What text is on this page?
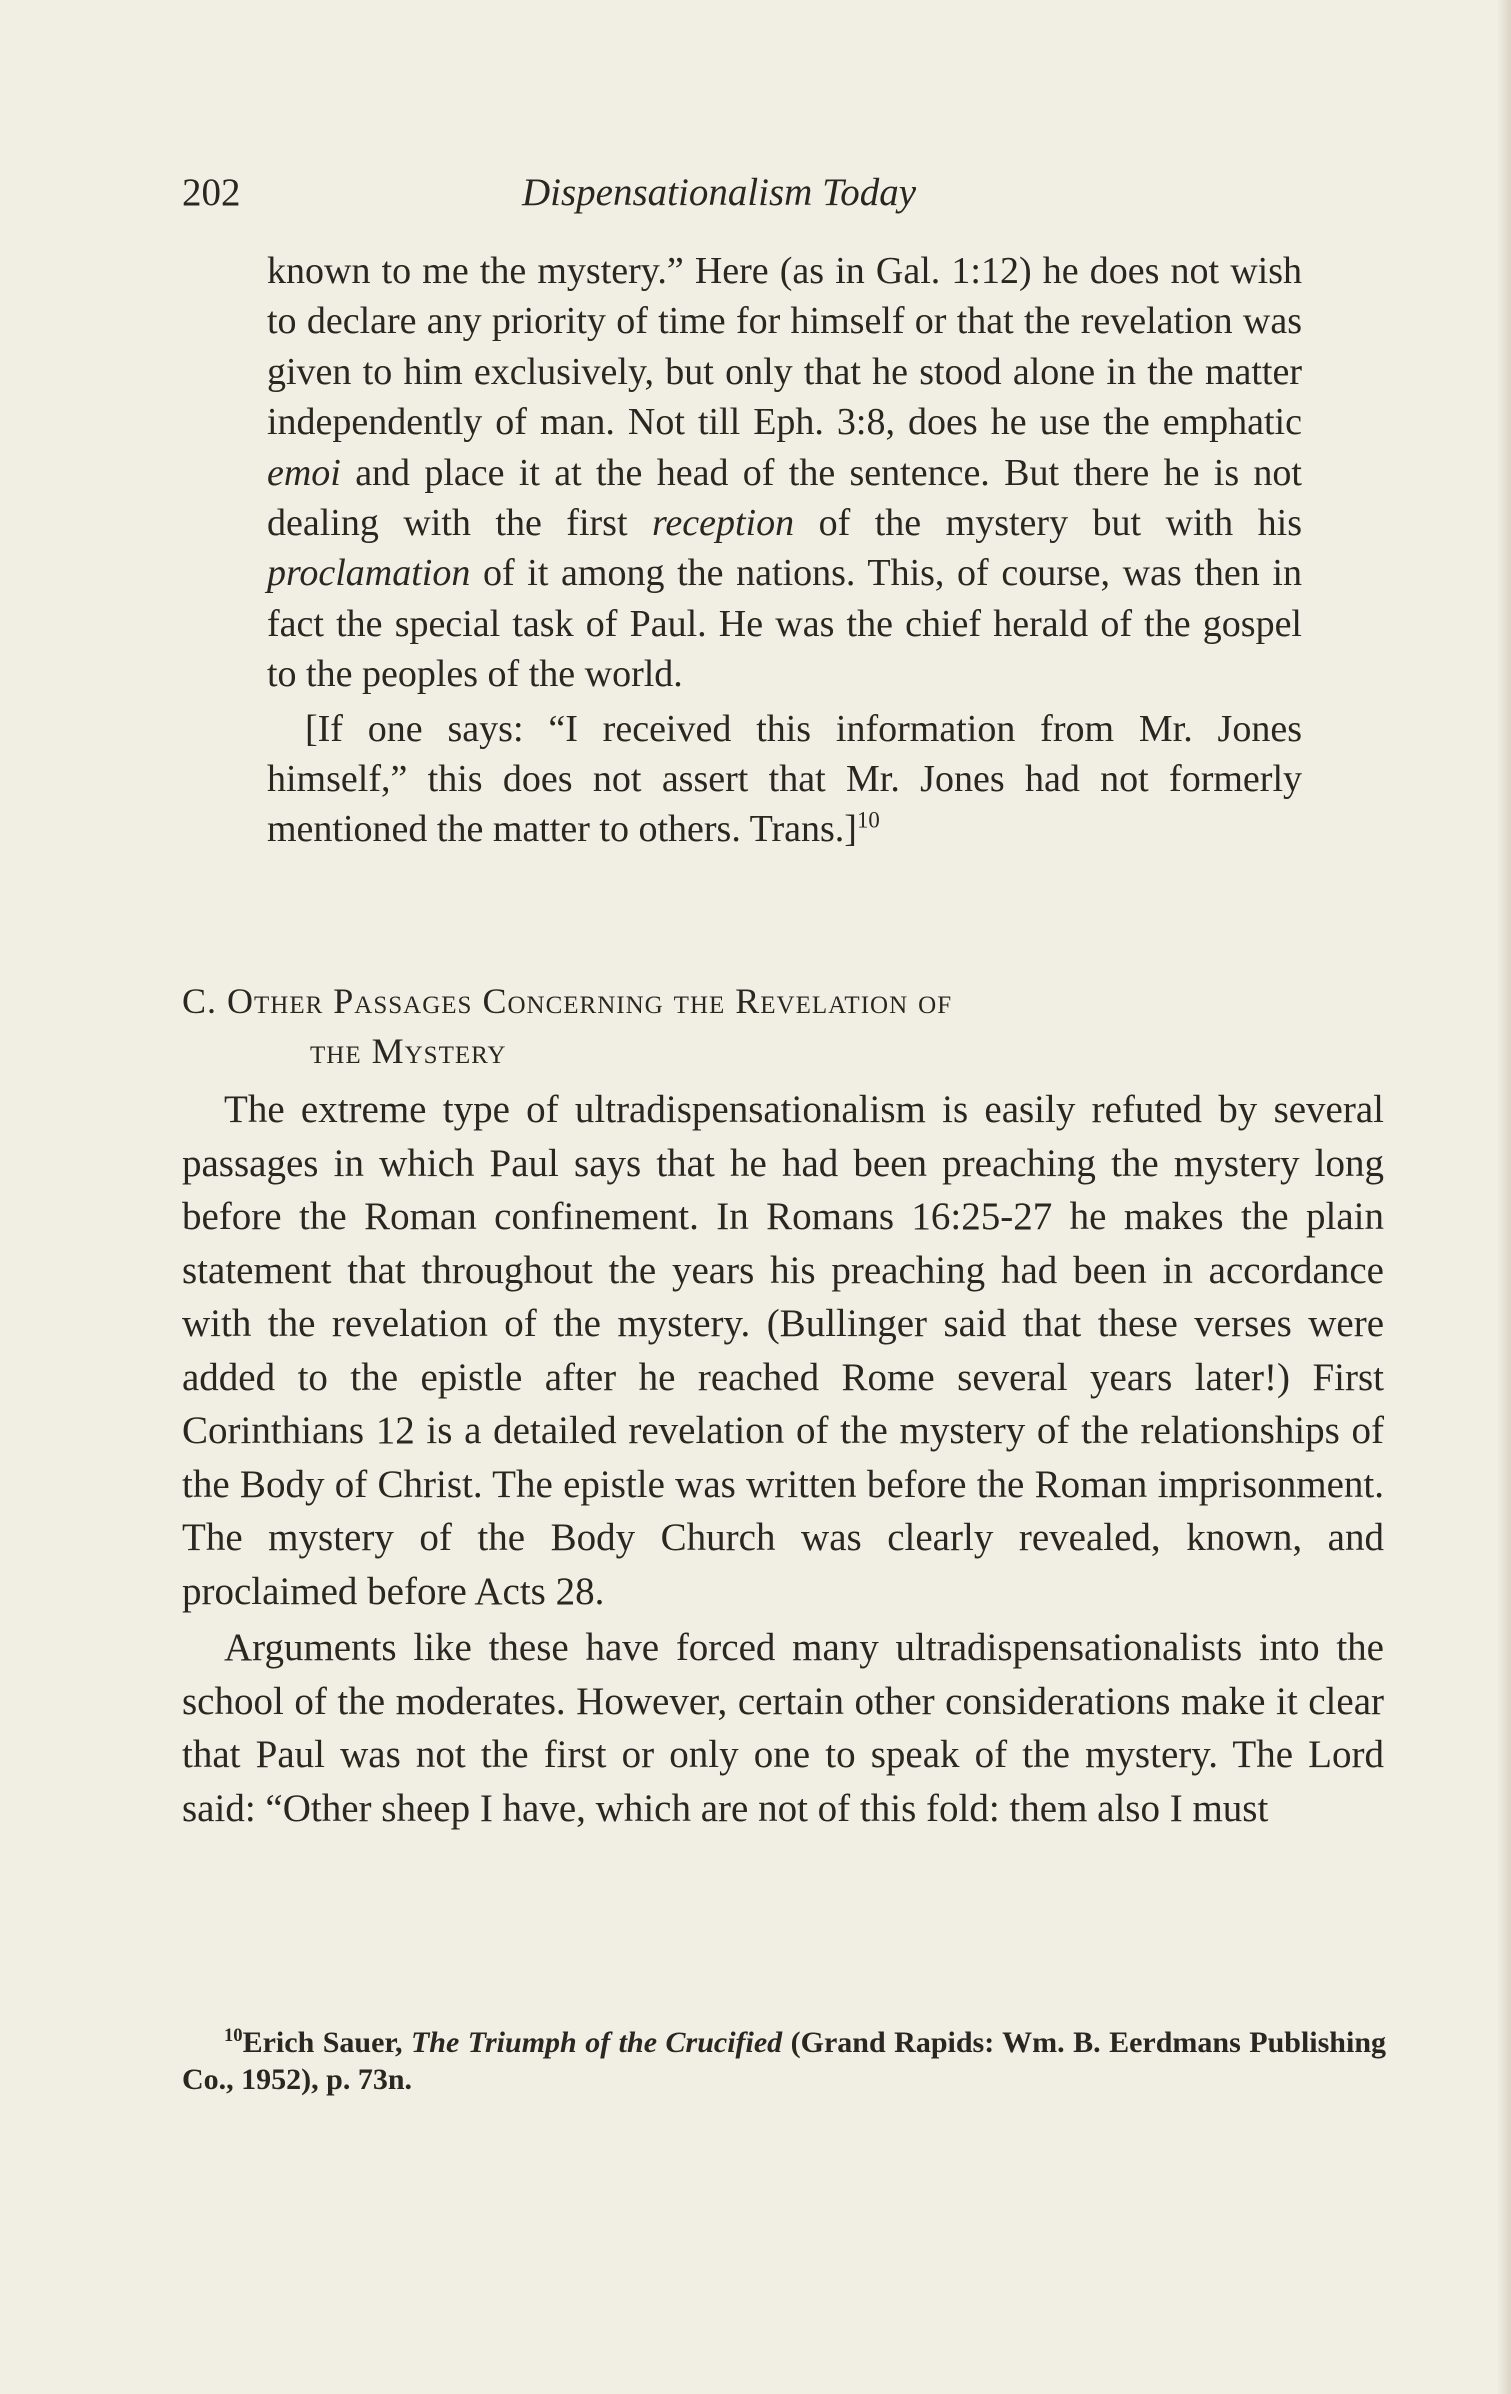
202	Dispensationalism Today

known to me the mystery.” Here (as in Gal. 1:12) he does not wish to declare any priority of time for himself or that the revelation was given to him exclusively, but only that he stood alone in the matter independently of man. Not till Eph. 3:8, does he use the emphatic emoi and place it at the head of the sentence. But there he is not dealing with the first reception of the mystery but with his proclamation of it among the nations. This, of course, was then in fact the special task of Paul. He was the chief herald of the gospel to the peoples of the world.

[If one says: “I received this information from Mr. Jones himself,” this does not assert that Mr. Jones had not formerly mentioned the matter to others. Trans.]$^{10}$

C. Other Passages Concerning the Revelation of
the Mystery

The extreme type of ultradispensationalism is easily refuted by several passages in which Paul says that he had been preaching the mystery long before the Roman confinement. In Romans 16:25-27 he makes the plain statement that throughout the years his preaching had been in accordance with the revelation of the mystery. (Bullinger said that these verses were added to the epistle after he reached Rome several years later!) First Corinthians 12 is a detailed revelation of the mystery of the relationships of the Body of Christ. The epistle was written before the Roman imprisonment. The mystery of the Body Church was clearly revealed, known, and proclaimed before Acts 28.

Arguments like these have forced many ultradispensationalists into the school of the moderates. However, certain other considerations make it clear that Paul was not the first or only one to speak of the mystery. The Lord said: “Other sheep I have, which are not of this fold: them also I must

$^{10}$Erich Sauer, The Triumph of the Crucified (Grand Rapids: Wm. B. Eerdmans Publishing Co., 1952), p. 73n.
